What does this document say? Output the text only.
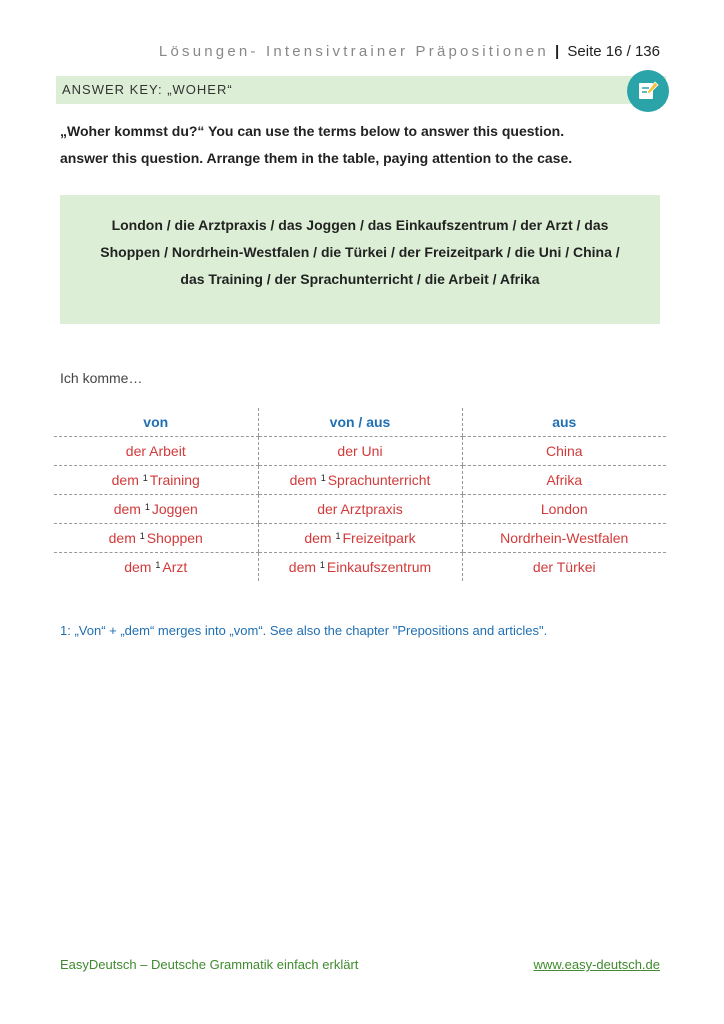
Lösungen- Intensivtrainer Präpositionen | Seite 16 / 136
ANSWER KEY: „WOHER“
„Woher kommst du?“ You can use the terms below to answer this question.
answer this question. Arrange them in the table, paying attention to the case.
London / die Arztpraxis / das Joggen / das Einkaufszentrum / der Arzt / das
Shoppen / Nordrhein-Westfalen / die Türkei / der Freizeitpark / die Uni / China /
das Training / der Sprachunterricht / die Arbeit / Afrika
Ich komme…
von	von / aus	aus
der Arbeit	der Uni	China
dem $^1$ Training	dem $^1$ Sprachunterricht	Afrika
dem $^1$ Joggen	der Arztpraxis	London
dem $^1$ Shoppen	dem $^1$ Freizeitpark	Nordrhein-Westfalen
dem $^1$ Arzt	dem $^1$ Einkaufszentrum	der Türkei
1: „Von“ + „dem“ merges into „vom“. See also the chapter "Prepositions and articles".
EasyDeutsch – Deutsche Grammatik einfach erklärt	www.easy-deutsch.de
